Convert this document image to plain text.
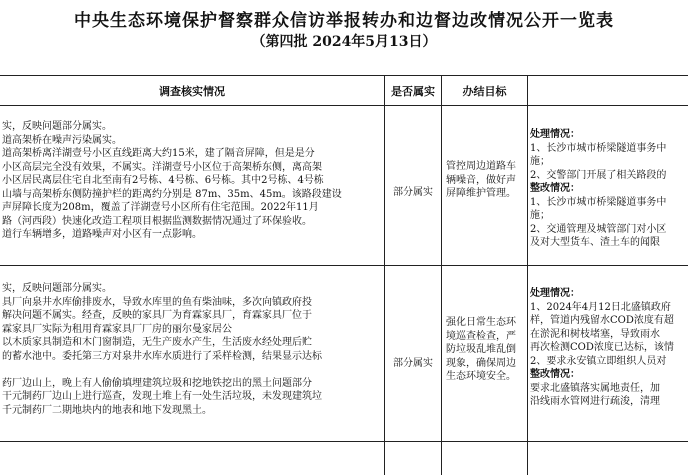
中央生态环境保护督察群众信访举报转办和边督边改情况公开一览表
（第四批 2024年5月13日）
调查核实情况	是否属实	办结目标

实，反映问题部分属实。

道高架桥在噪声污染属实。

道高架桥离洋湖壹号小区直线距离大约15米，建了隔音屏障，但是是分

小区高层完全没有效果，不属实。洋湖壹号小区位于高架桥东侧，离高架

小区居民离层住宅自北至南有2号栋、4号栋、6号栋。其中2号栋、4号栋

山墙与高架桥东侧防撞护栏的距离约分别是 87m、35m、45m。该路段建设

声屏障长度为208m，覆盖了洋湖壹号小区所有住宅范围。2022年11月

路（河西段）快速化改造工程项目根据监测数据情况通过了环保验收。

道行车辆增多，道路噪声对小区有一点影响。

部分属实
管控周边道路车辆噪音，做好声屏障维护管理。

处理情况：

1、长沙市城市桥梁隧道事务中

施；

2、交警部门开展了相关路段的

整改情况：

1、长沙市城市桥梁隧道事务中

施；

2、交通管理及城管部门对小区

及对大型货车、渣土车的闻限

实，反映问题部分属实。

具厂向泉井水库偷排废水，导致水库里的鱼有柴油味，多次向镇政府投

解决问题不属实。经查，反映的家具厂为育霖家具厂，育霖家具厂位于

霖家具厂实际为租用育霖家具厂厂房的丽尔曼家居公

以木质家具制造和木门窗制造，无生产废水产生，生活废水经处理后贮

的蓄水池中。委托第三方对泉井水库水质进行了采样检测，结果显示达标

药厂边山上，晚上有人偷偷填埋建筑垃圾和挖地铁挖出的黑土问题部分

干元制药厂边山上进行巡查，发现土堆上有一处生活垃圾，未发现建筑垃

千元制药厂二期地块内的地表和地下发现黑土。

部分属实
强化日常生态环境巡查检查，严防垃圾乱堆乱倒现象，确保周边生态环境安全。

处理情况：

1、2024年4月12日北盛镇政府

样，管道内残留水COD浓度有超

在淤泥和树枝堵塞，导致雨水

再次检测COD浓度已达标，该情

2、要求永安镇立即组织人员对

整改情况：

要求北盛镇落实属地责任，加

沿线雨水管网进行疏浚，清理
